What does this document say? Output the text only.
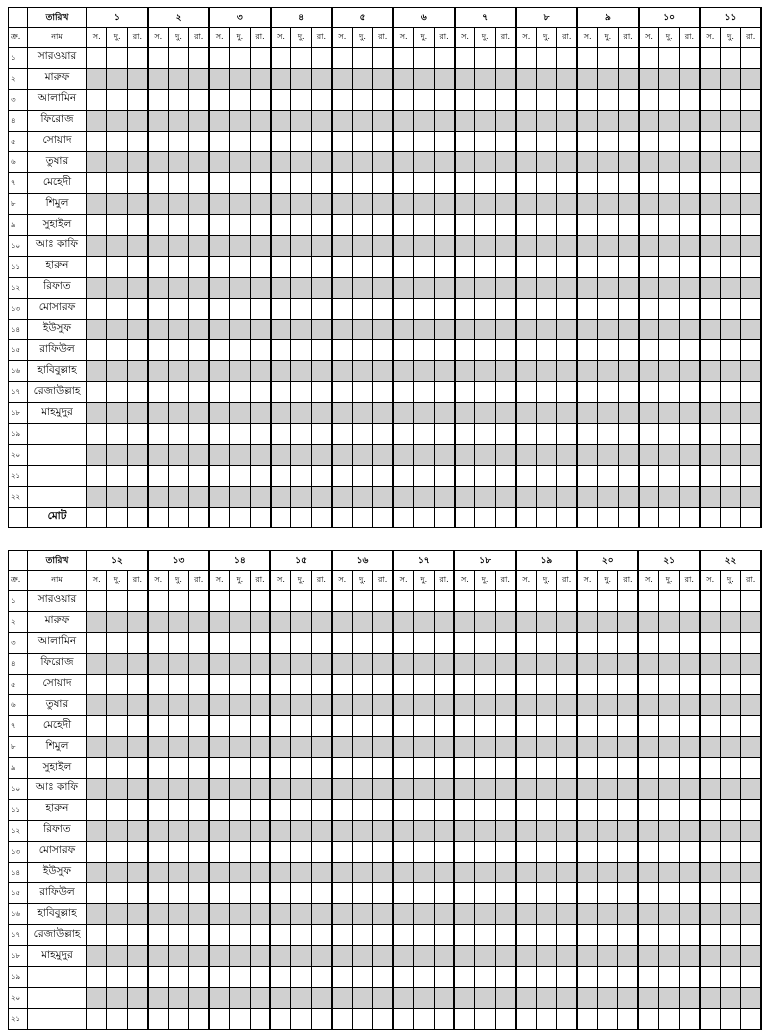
	তারিখ	১			২			৩			৪			৫			৬			৭			৮			৯			১০			১১		
ক্র.	নাম	স.	দু.	রা.	স.	দু.	রা.	স.	দু.	রা.	স.	দু.	রা.	স.	দু.	রা.	স.	দু.	রা.	স.	দু.	রা.	স.	দু.	রা.	স.	দু.	রা.	স.	দু.	রা.	স.	দু.	রা.
১	সারওয়ার																																	
২	মারুফ																																	
৩	আলামিন																																	
৪	ফিরোজ																																	
৫	সোয়াদ																																	
৬	তুষার																																	
৭	মেহেদী																																	
৮	শিমুল																																	
৯	সুহাইল																																	
১০	আঃ কাফি																																	
১১	হারুন																																	
১২	রিফাত																																	
১৩	মোসারফ																																	
১৪	ইউসুফ																																	
১৫	রাফিউল																																	
১৬	হাবিবুল্লাহ																																	
১৭	রেজাউল্লাহ																																	
১৮	মাহমুদুর																																	
১৯																																		
২০																																		
২১																																		
২২																																		
	মোট																																	
	তারিখ	১২			১৩			১৪			১৫			১৬			১৭			১৮			১৯			২০			২১			২২		
ক্র.	নাম	স.	দু.	রা.	স.	দু.	রা.	স.	দু.	রা.	স.	দু.	রা.	স.	দু.	রা.	স.	দু.	রা.	স.	দু.	রা.	স.	দু.	রা.	স.	দু.	রা.	স.	দু.	রা.	স.	দু.	রা.
১	সারওয়ার																																	
২	মারুফ																																	
৩	আলামিন																																	
৪	ফিরোজ																																	
৫	সোয়াদ																																	
৬	তুষার																																	
৭	মেহেদী																																	
৮	শিমুল																																	
৯	সুহাইল																																	
১০	আঃ কাফি																																	
১১	হারুন																																	
১২	রিফাত																																	
১৩	মোসারফ																																	
১৪	ইউসুফ																																	
১৫	রাফিউল																																	
১৬	হাবিবুল্লাহ																																	
১৭	রেজাউল্লাহ																																	
১৮	মাহমুদুর																																	
১৯																																		
২০																																		
২১																																		
